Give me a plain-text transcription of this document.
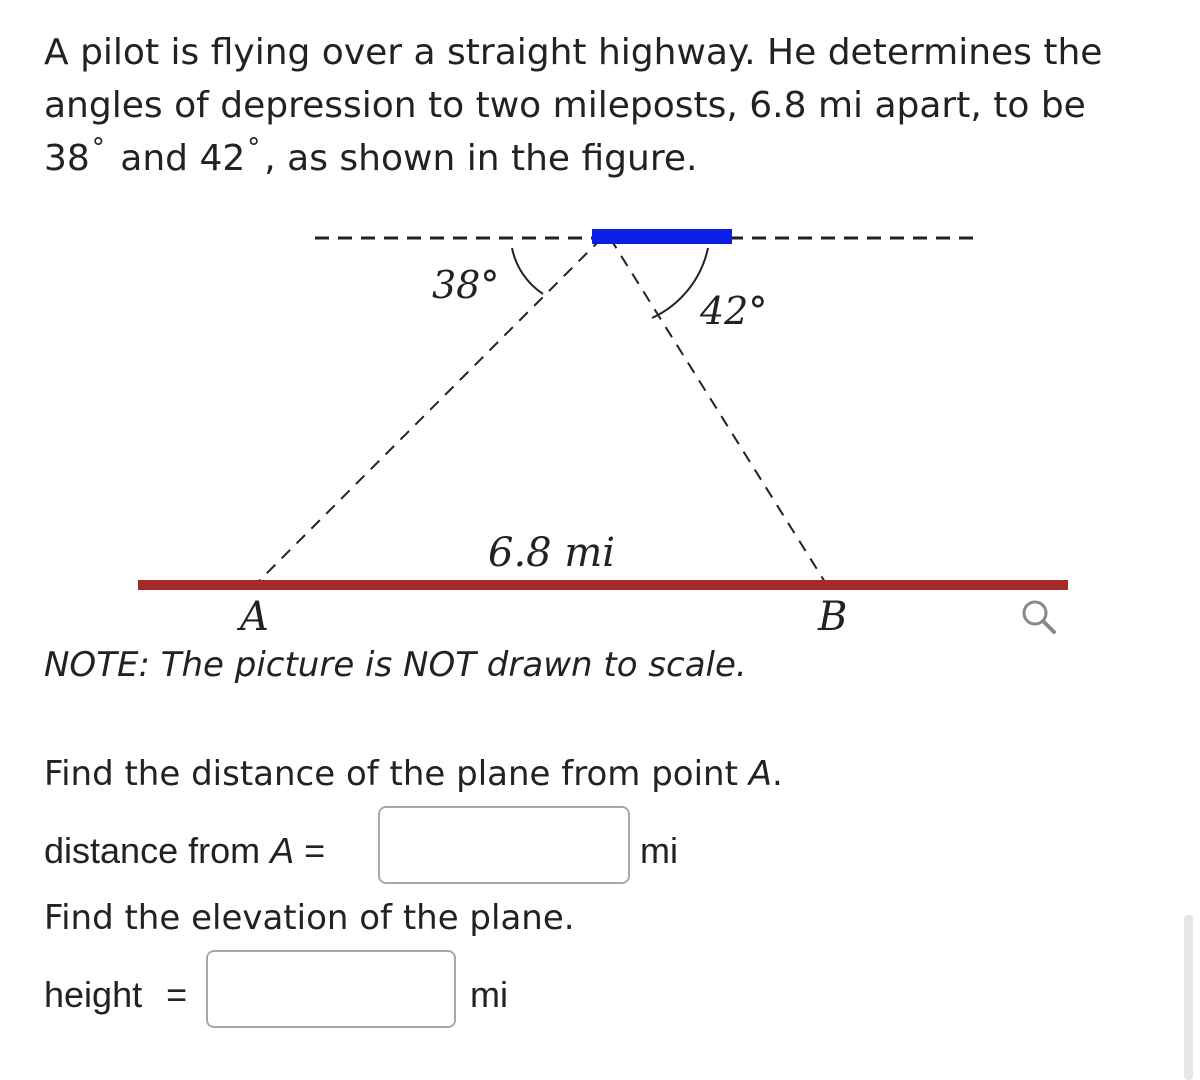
A pilot is flying over a straight highway. He determines the
angles of depression to two mileposts, 6.8 mi apart, to be
38° and 42° , as shown in the figure.

38°
42°
6.8 mi
A	B

NOTE: The picture is NOT drawn to scale.

Find the distance of the plane from point A.

distance from A =	mi

Find the elevation of the plane.

height =	mi
